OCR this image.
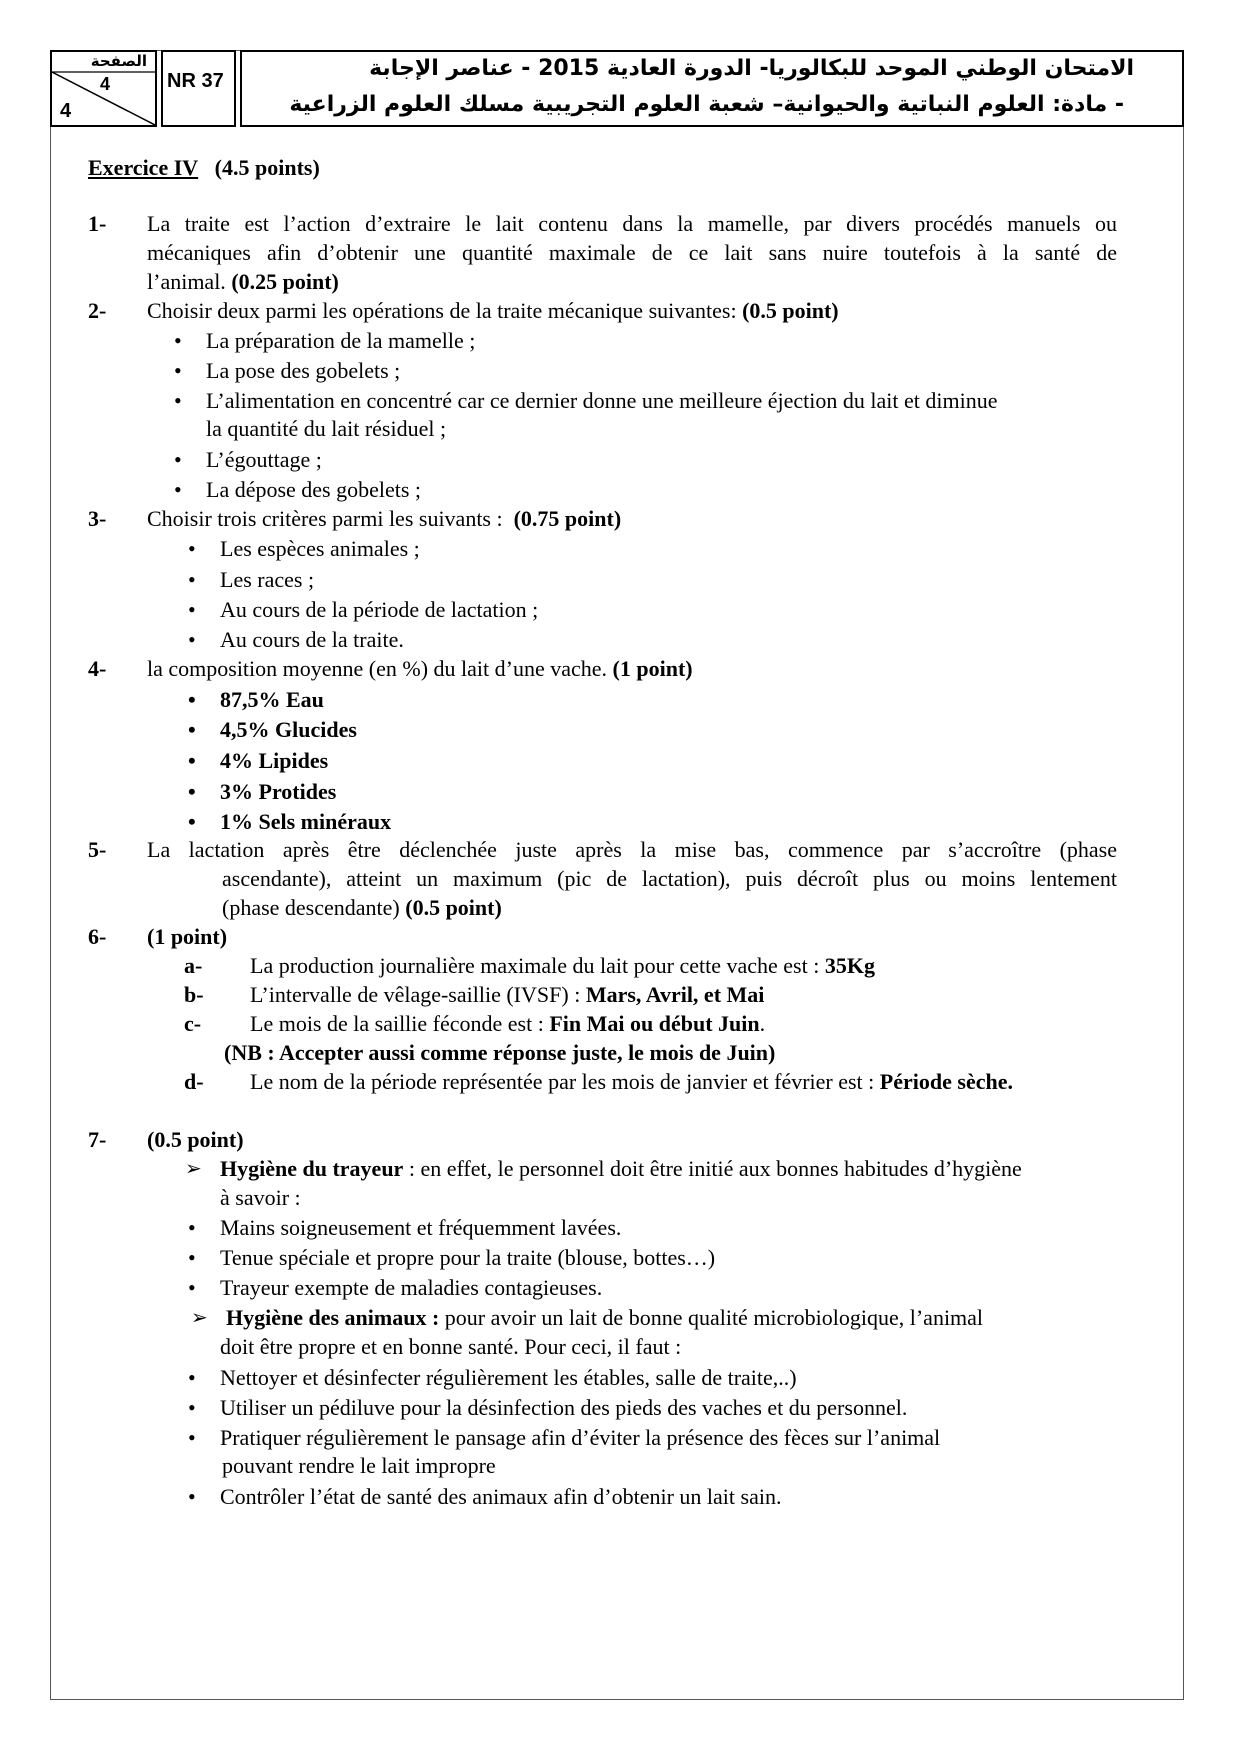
الصفحة
4
4
NR 37	الامتحان الوطني الموحد للبكالوريا- الدورة العادية 2015 - عناصر الإجابة
- مادة: العلوم النباتية والحيوانية– شعبة العلوم التجريبية مسلك العلوم الزراعية
Exercice IV (4.5 points)
1- La traite est l’action d’extraire le lait contenu dans la mamelle, par divers procédés manuels ou
mécaniques afin d’obtenir une quantité maximale de ce lait sans nuire toutefois à la santé de
l’animal. (0.25 point)
2- Choisir deux parmi les opérations de la traite mécanique suivantes: (0.5 point)
• La préparation de la mamelle ;
• La pose des gobelets ;
• L’alimentation en concentré car ce dernier donne une meilleure éjection du lait et diminue
la quantité du lait résiduel ;
• L’égouttage ;
• La dépose des gobelets ;
3- Choisir trois critères parmi les suivants : (0.75 point)
• Les espèces animales ;
• Les races ;
• Au cours de la période de lactation ;
• Au cours de la traite.
4- la composition moyenne (en %) du lait d’une vache. (1 point)
• 87,5% Eau
• 4,5% Glucides
• 4% Lipides
• 3% Protides
• 1% Sels minéraux
5- La lactation après être déclenchée juste après la mise bas, commence par s’accroître (phase
ascendante), atteint un maximum (pic de lactation), puis décroît plus ou moins lentement
(phase descendante) (0.5 point)
6- (1 point)
a- La production journalière maximale du lait pour cette vache est : 35Kg
b- L’intervalle de vêlage-saillie (IVSF) : Mars, Avril, et Mai
c- Le mois de la saillie féconde est : Fin Mai ou début Juin.
(NB : Accepter aussi comme réponse juste, le mois de Juin)
d- Le nom de la période représentée par les mois de janvier et février est : Période sèche.
7- (0.5 point)
➢ Hygiène du trayeur : en effet, le personnel doit être initié aux bonnes habitudes d’hygiène
à savoir :
• Mains soigneusement et fréquemment lavées.
• Tenue spéciale et propre pour la traite (blouse, bottes…)
• Trayeur exempte de maladies contagieuses.
➢ Hygiène des animaux : pour avoir un lait de bonne qualité microbiologique, l’animal
doit être propre et en bonne santé. Pour ceci, il faut :
• Nettoyer et désinfecter régulièrement les étables, salle de traite,..)
• Utiliser un pédiluve pour la désinfection des pieds des vaches et du personnel.
• Pratiquer régulièrement le pansage afin d’éviter la présence des fèces sur l’animal
pouvant rendre le lait impropre
• Contrôler l’état de santé des animaux afin d’obtenir un lait sain.
